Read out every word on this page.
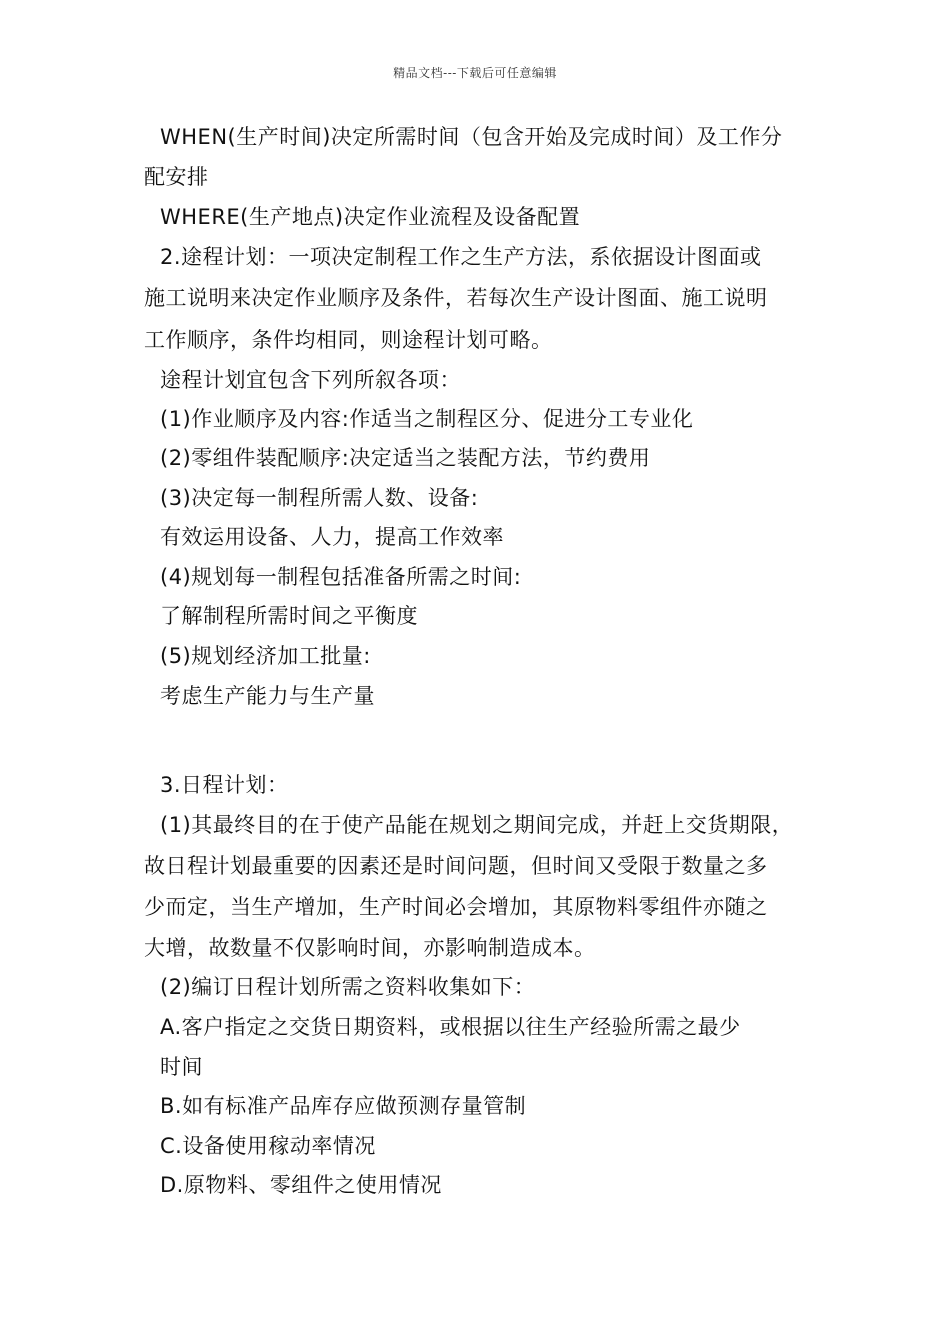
精品文档---下载后可任意编辑
WHEN(生产时间)决定所需时间（包含开始及完成时间）及工作分
配安排
WHERE(生产地点)决定作业流程及设备配置
2.途程计划：一项决定制程工作之生产方法，系依据设计图面或
施工说明来决定作业顺序及条件，若每次生产设计图面、施工说明
工作顺序，条件均相同，则途程计划可略。
途程计划宜包含下列所叙各项：
(1)作业顺序及内容:作适当之制程区分、促进分工专业化
(2)零组件装配顺序:决定适当之装配方法，节约费用
(3)决定每一制程所需人数、设备:
有效运用设备、人力，提高工作效率
(4)规划每一制程包括准备所需之时间:
了解制程所需时间之平衡度
(5)规划经济加工批量:
考虑生产能力与生产量
3.日程计划：
(1)其最终目的在于使产品能在规划之期间完成，并赶上交货期限，
故日程计划最重要的因素还是时间问题，但时间又受限于数量之多
少而定，当生产增加，生产时间必会增加，其原物料零组件亦随之
大增，故数量不仅影响时间，亦影响制造成本。
(2)编订日程计划所需之资料收集如下：
A.客户指定之交货日期资料，或根据以往生产经验所需之最少
时间
B.如有标准产品库存应做预测存量管制
C.设备使用稼动率情况
D.原物料、零组件之使用情况
